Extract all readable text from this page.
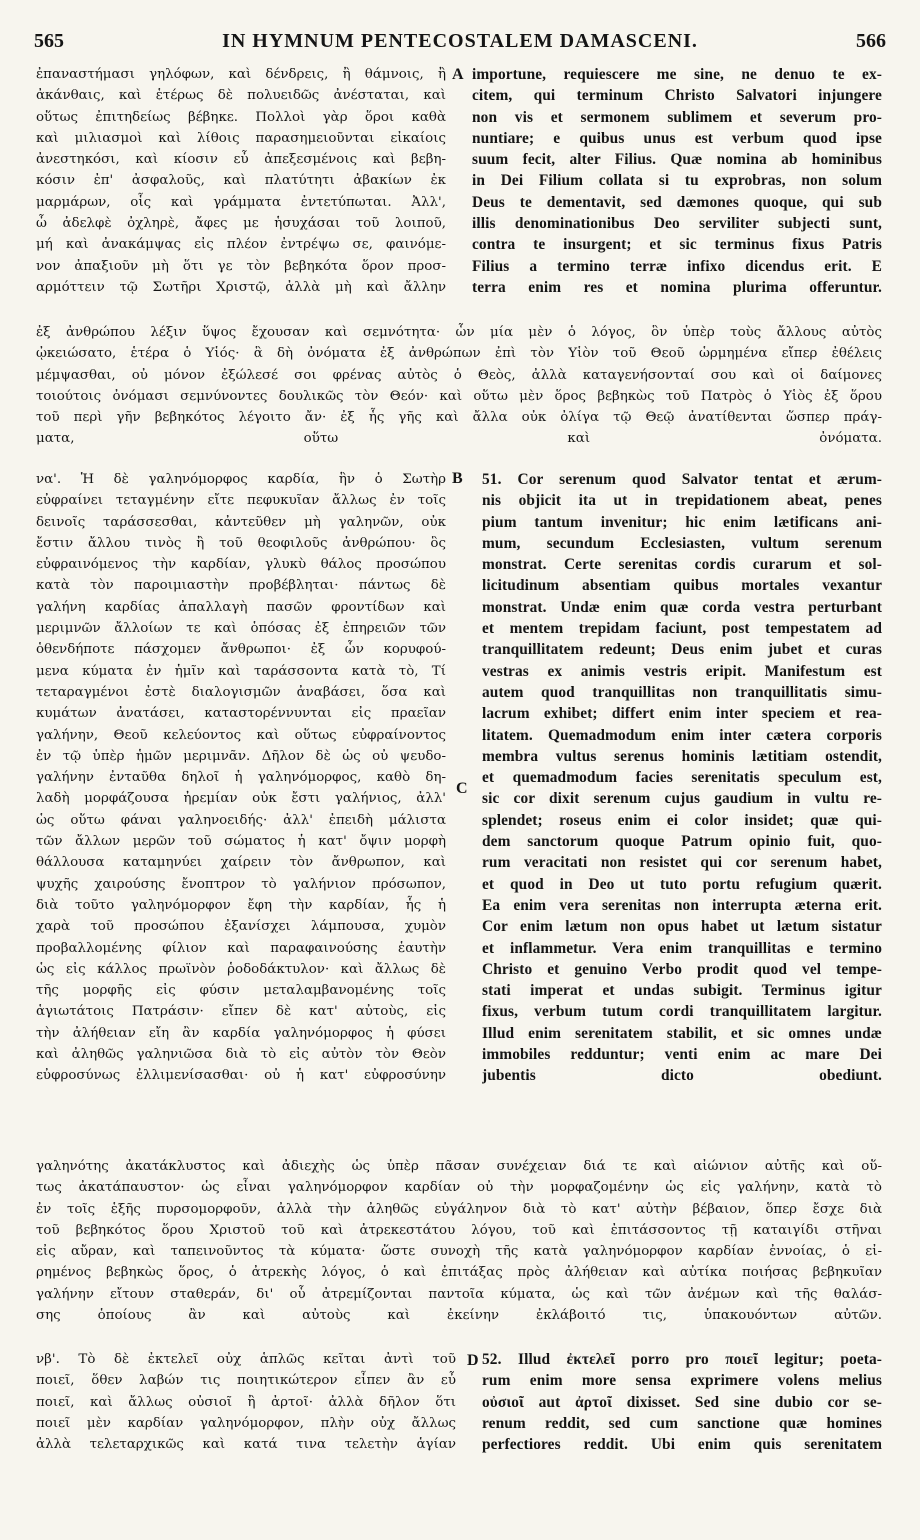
565	IN HYMNUM PENTECOSTALEM DAMASCENI.	566
A
B
C
D
ἐπαναστήμασι γηλόφων, καὶ δένδρεις, ἢ θάμνοις, ἢ
ἀκάνθαις, καὶ ἑτέρως δὲ πολυειδῶς ἀνέσταται, καὶ
οὕτως ἐπιτηδείως βέβηκε. Πολλοὶ γὰρ ὅροι καθὰ
καὶ μιλιασμοὶ καὶ λίθοις παρασημειοῦνται εἰκαίοις
ἀνεστηκόσι, καὶ κίοσιν εὖ ἀπεξεσμένοις καὶ βεβη-
κόσιν ἐπ' ἀσφαλοῦς, καὶ πλατύτητι ἀβακίων ἐκ
μαρμάρων, οἷς καὶ γράμματα ἐντετύπωται. Ἀλλ',
ὦ ἀδελφὲ ὀχληρὲ, ἄφες με ἡσυχάσαι τοῦ λοιποῦ,
μή καὶ ἀνακάμψας εἰς πλέον ἐντρέψω σε, φαινόμε-
νον ἀπαξιοῦν μὴ ὅτι γε τὸν βεβηκότα ὅρον προσ-
αρμόττειν τῷ Σωτῆρι Χριστῷ, ἀλλὰ μὴ καὶ ἄλλην
importune, requiescere me sine, ne denuo te ex-
citem, qui terminum Christo Salvatori injungere
non vis et sermonem sublimem et severum pro-
nuntiare; e quibus unus est verbum quod ipse
suum fecit, alter Filius. Quæ nomina ab hominibus
in Dei Filium collata si tu exprobras, non solum
Deus te dementavit, sed dæmones quoque, qui sub
illis denominationibus Deo serviliter subjecti sunt,
contra te insurgent; et sic terminus fixus Patris
Filius a termino terræ infixo dicendus erit. E
terra enim res et nomina plurima offeruntur.
ἐξ ἀνθρώπου λέξιν ὕψος ἔχουσαν καὶ σεμνότητα· ὧν μία μὲν ὁ λόγος, ὃν ὑπὲρ τοὺς ἄλλους αὐτὸς
ᾠκειώσατο, ἑτέρα ὁ Υἱός· ἃ δὴ ὀνόματα ἐξ ἀνθρώπων ἐπὶ τὸν Υἱὸν τοῦ Θεοῦ ὡρμημένα εἴπερ ἐθέλεις
μέμψασθαι, οὐ μόνον ἐξώλεσέ σοι φρένας αὐτὸς ὁ Θεὸς, ἀλλὰ καταγενήσονταί σου καὶ οἱ δαίμονες
τοιούτοις ὀνόμασι σεμνύνοντες δουλικῶς τὸν Θεόν· καὶ οὕτω μὲν ὅρος βεβηκὼς τοῦ Πατρὸς ὁ Υἱὸς ἐξ ὅρου
τοῦ περὶ γῆν βεβηκότος λέγοιτο ἄν· ἐξ ἧς γῆς καὶ ἄλλα οὐκ ὀλίγα τῷ Θεῷ ἀνατίθενται ὥσπερ πράγ-
ματα, οὕτω καὶ ὀνόματα.
να'. Ἡ δὲ γαληνόμορφος καρδία, ἣν ὁ Σωτὴρ
εὐφραίνει τεταγμένην εἴτε πεφυκυῖαν ἄλλως ἐν τοῖς
δεινοῖς ταράσσεσθαι, κἀντεῦθεν μὴ γαληνῶν, οὐκ
ἔστιν ἄλλου τινὸς ἢ τοῦ θεοφιλοῦς ἀνθρώπου· ὃς
εὐφραινόμενος τὴν καρδίαν, γλυκὺ θάλος προσώπου
κατὰ τὸν παροιμιαστὴν προβέβληται· πάντως δὲ
γαλήνη καρδίας ἀπαλλαγὴ πασῶν φροντίδων καὶ
μεριμνῶν ἄλλοίων τε καὶ ὁπόσας ἐξ ἐπηρειῶν τῶν
ὁθενδήποτε πάσχομεν ἄνθρωποι· ἐξ ὧν κορυφού-
μενα κύματα ἐν ἡμῖν καὶ ταράσσοντα κατὰ τὸ, Τί
τεταραγμένοι ἐστὲ διαλογισμῶν ἀναβάσει, ὅσα καὶ
κυμάτων ἀνατάσει, καταστορέννυνται εἰς πραεῖαν
γαλήνην, Θεοῦ κελεύοντος καὶ οὕτως εὐφραίνοντος
ἐν τῷ ὑπὲρ ἡμῶν μεριμνᾶν. Δῆλον δὲ ὡς οὐ ψευδο-
γαλήνην ἐνταῦθα δηλοῖ ἡ γαληνόμορφος, καθὸ δη-
λαδὴ μορφάζουσα ἠρεμίαν οὐκ ἔστι γαλήνιος, ἀλλ'
ὡς οὕτω φάναι γαληνοειδής· ἀλλ' ἐπειδὴ μάλιστα
τῶν ἄλλων μερῶν τοῦ σώματος ἡ κατ' ὄψιν μορφὴ
θάλλουσα καταμηνύει χαίρειν τὸν ἄνθρωπον, καὶ
ψυχῆς χαιρούσης ἔνοπτρον τὸ γαλήνιον πρόσωπον,
διὰ τοῦτο γαληνόμορφον ἔφη τὴν καρδίαν, ἧς ἡ
χαρὰ τοῦ προσώπου ἐξανίσχει λάμπουσα, χυμὸν
προβαλλομένης φίλιον καὶ παραφαινούσης ἑαυτὴν
ὡς εἰς κάλλος πρωϊνὸν ῥοδοδάκτυλον· καὶ ἄλλως δὲ
τῆς μορφῆς εἰς φύσιν μεταλαμβανομένης τοῖς
ἁγιωτάτοις Πατράσιν· εἴπεν δὲ κατ' αὐτοὺς, εἰς
τὴν ἀλήθειαν εἴη ἂν καρδία γαληνόμορφος ἡ φύσει
καὶ ἀληθῶς γαληνιῶσα διὰ τὸ εἰς αὐτὸν τὸν Θεὸν
εὐφροσύνως ἐλλιμενίσασθαι· οὐ ἡ κατ' εὐφροσύνην
51. Cor serenum quod Salvator tentat et ærum-
nis objicit ita ut in trepidationem abeat, penes
pium tantum invenitur; hic enim lætificans ani-
mum, secundum Ecclesiasten, vultum serenum
monstrat. Certe serenitas cordis curarum et sol-
licitudinum absentiam quibus mortales vexantur
monstrat. Undæ enim quæ corda vestra perturbant
et mentem trepidam faciunt, post tempestatem ad
tranquillitatem redeunt; Deus enim jubet et curas
vestras ex animis vestris eripit. Manifestum est
autem quod tranquillitas non tranquillitatis simu-
lacrum exhibet; differt enim inter speciem et rea-
litatem. Quemadmodum enim inter cætera corporis
membra vultus serenus hominis lætitiam ostendit,
et quemadmodum facies serenitatis speculum est,
sic cor dixit serenum cujus gaudium in vultu re-
splendet; roseus enim ei color insidet; quæ qui-
dem sanctorum quoque Patrum opinio fuit, quo-
rum veracitati non resistet qui cor serenum habet,
et quod in Deo ut tuto portu refugium quærit.
Ea enim vera serenitas non interrupta æterna erit.
Cor enim lætum non opus habet ut lætum sistatur
et inflammetur. Vera enim tranquillitas e termino
Christo et genuino Verbo prodit quod vel tempe-
stati imperat et undas subigit. Terminus igitur
fixus, verbum tutum cordi tranquillitatem largitur.
Illud enim serenitatem stabilit, et sic omnes undæ
immobiles redduntur; venti enim ac mare Dei
jubentis dicto obediunt.
γαληνότης ἀκατάκλυστος καὶ ἀδιεχὴς ὡς ὑπὲρ πᾶσαν συνέχειαν διά τε καὶ αἰώνιον αὐτῆς καὶ οὕ-
τως ἀκατάπαυστον· ὡς εἶναι γαληνόμορφον καρδίαν οὐ τὴν μορφαζομένην ὡς εἰς γαλήνην, κατὰ τὸ
ἐν τοῖς ἑξῆς πυρσομορφοῦν, ἀλλὰ τὴν ἀληθῶς εὐγάληνον διὰ τὸ κατ' αὐτὴν βέβαιον, ὅπερ ἔσχε διὰ
τοῦ βεβηκότος ὅρου Χριστοῦ τοῦ καὶ ἀτρεκεστάτου λόγου, τοῦ καὶ ἐπιτάσσοντος τῇ καταιγίδι στῆναι
εἰς αὔραν, καὶ ταπεινοῦντος τὰ κύματα· ὥστε συνοχὴ τῆς κατὰ γαληνόμορφον καρδίαν ἐννοίας, ὁ εἰ-
ρημένος βεβηκὼς ὅρος, ὁ ἀτρεκὴς λόγος, ὁ καὶ ἐπιτάξας πρὸς ἀλήθειαν καὶ αὐτίκα ποιήσας βεβηκυῖαν
γαλήνην εἴτουν σταθεράν, δι' οὗ ἀτρεμίζονται παντοῖα κύματα, ὡς καὶ τῶν ἀνέμων καὶ τῆς θαλάσ-
σης ὁποίους ἂν καὶ αὐτοὺς καὶ ἐκείνην ἐκλάβοιτό τις, ὑπακουόντων αὐτῶν.
νβ'. Τὸ δὲ ἐκτελεῖ οὐχ ἁπλῶς κεῖται ἀντὶ τοῦ
ποιεῖ, ὅθεν λαβών τις ποιητικώτερον εἶπεν ἂν εὖ
ποιεῖ, καὶ ἄλλως οὐσιοῖ ἢ ἀρτοῖ· ἀλλὰ δῆλον ὅτι
ποιεῖ μὲν καρδίαν γαληνόμορφον, πλὴν οὐχ ἄλλως
ἀλλὰ τελεταρχικῶς καὶ κατά τινα τελετὴν ἁγίαν
52. Illud ἐκτελεῖ porro pro ποιεῖ legitur; poeta-
rum enim more sensa exprimere volens melius
οὐσιοῖ aut ἀρτοῖ dixisset. Sed sine dubio cor se-
renum reddit, sed cum sanctione quæ homines
perfectiores reddit. Ubi enim quis serenitatem
